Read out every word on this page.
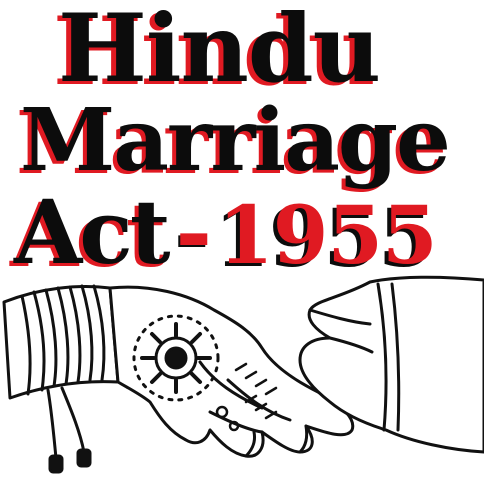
Hindu
Marriage
Act-1955
